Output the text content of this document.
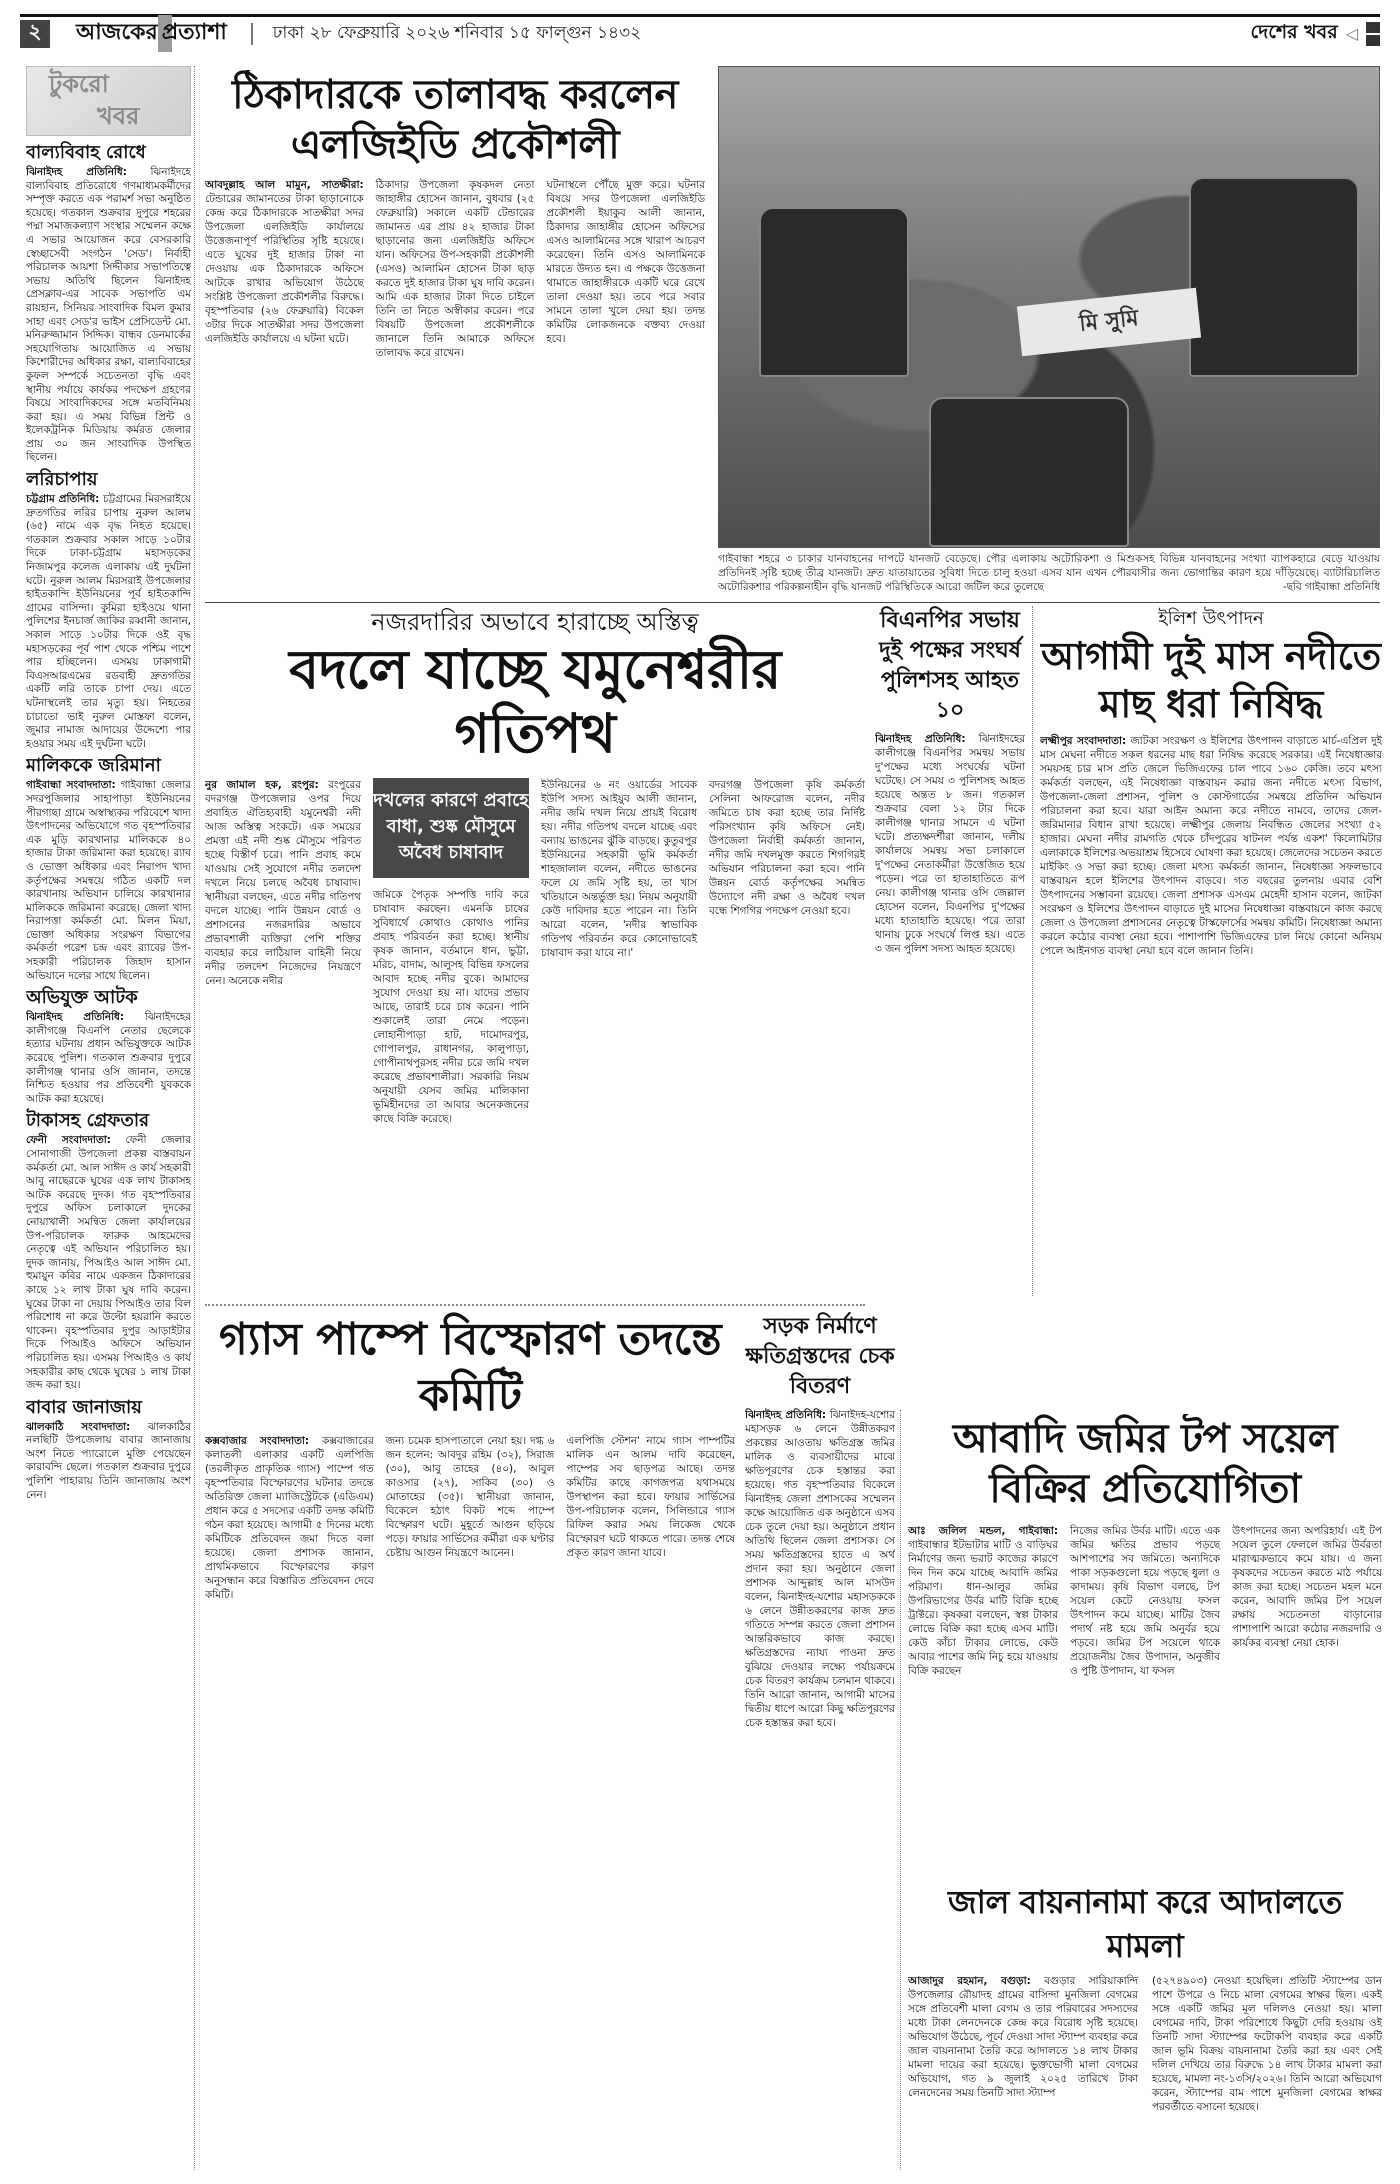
২	আজকের প্রত্যাশা	ঢাকা ২৮ ফেব্রুয়ারি ২০২৬ শনিবার ১৫ ফাল্গুন ১৪৩২	দেশের খবর ◁
টুকরো
খবর
বাল্যবিবাহ রোধে

ঝিনাইদহ প্রতিনিধি: ঝিনাইদহে বাল্যবিবাহ প্রতিরোধে গণমাধ্যমকর্মীদের সম্পৃক্ত করতে এক পরামর্শ সভা অনুষ্ঠিত হয়েছে। গতকাল শুক্রবার দুপুরে শহরের পদ্মা সমাজকল্যাণ সংস্থার সম্মেলন কক্ষে এ সভার আয়োজন করে বেসরকারি স্বেচ্ছাসেবী সংগঠন 'সেড'। নির্বাহী পরিচালক আয়শা সিদ্দীকার সভাপতিত্বে সভায় অতিথি ছিলেন ঝিনাইদহ প্রেসক্লাব-এর সাবেক সভাপতি এম রায়হান, সিনিয়র সাংবাদিক বিমল কুমার সাহা এবং সেড'র ভাইস প্রেসিডেন্ট মো. মনিরুজ্জামান সিদ্দিক। বান্ধব ডেনমার্কের সহযোগিতায় আয়োজিত এ সভায় কিশোরীদের অধিকার রক্ষা, বাল্যবিবাহের কুফল সম্পর্কে সচেতনতা বৃদ্ধি এবং স্থানীয় পর্যায়ে কার্যকর পদক্ষেপ গ্রহণের বিষয়ে সাংবাদিকদের সঙ্গে মতবিনিময় করা হয়। এ সময় বিভিন্ন প্রিন্ট ও ইলেকট্রনিক মিডিয়ায় কর্মরত জেলার প্রায় ৩০ জন সাংবাদিক উপস্থিত ছিলেন।

লরিচাপায়

চট্টগ্রাম প্রতিনিধি: চট্টগ্রামের মিরসরাইয়ে দ্রুতগতির লরির চাপায় নুরুল আলম (৬৫) নামে এক বৃদ্ধ নিহত হয়েছে। গতকাল শুক্রবার সকাল সাড়ে ১০টার দিকে ঢাকা-চট্টগ্রাম মহাসড়কের নিজামপুর কলেজ এলাকায় এই দুর্ঘটনা ঘটে। নুরুল আলম মিরসরাই উপজেলার হাইতকান্দি ইউনিয়নের পূর্ব হাইতকান্দি গ্রামের বাসিন্দা। কুমিরা হাইওয়ে থানা পুলিশের ইনচার্জ জাকির রব্বানী জানান, সকাল সাড়ে ১০টার দিকে ওই বৃদ্ধ মহাসড়কের পূর্ব পাশ থেকে পশ্চিম পাশে পার হচ্ছিলেন। এসময় ঢাকাগামী বিএসআরএমের রডবাহী দ্রুতগতির একটি লরি তাকে চাপা দেয়। এতে ঘটনাস্থলেই তার মৃত্যু হয়। নিহতের চাচাতো ভাই নুরুল মোস্তফা বলেন, জুমার নামাজ আদায়ের উদ্দেশ্যে পার হওয়ার সময় এই দুর্ঘটনা ঘটে।

মালিককে জরিমানা

গাইবান্ধা সংবাদদাতা: গাইবান্ধা জেলার সদরপুজিলার সাহাপাড়া ইউনিয়নের পীরগাছা গ্রামে অস্বাস্থ্যকর পরিবেশে খাদ্য উৎপাদনের অভিযোগে গত বৃহস্পতিবার এক মুড়ি কারখানার মালিককে ৪০ হাজার টাকা জরিমানা করা হয়েছে। র‌্যাব ও ভোক্তা অধিকার এবং নিরাপদ খাদ্য কর্তৃপক্ষের সমন্বয়ে গঠিত একটি দল কারখানায় অভিযান চালিয়ে কারখানার মালিককে জরিমানা করেছে। জেলা খাদ্য নিরাপত্তা কর্মকর্তা মো. মিলন মিয়া, ভোক্তা অধিকার সংরক্ষণ বিভাগের কর্মকর্তা পরেশ চন্দ্র এবং র‌্যাবের উপ-সহকারী পরিচালক জিহাদ হাসান অভিযানে দলের সাথে ছিলেন।

অভিযুক্ত আটক

ঝিনাইদহ প্রতিনিধি: ঝিনাইদহের কালীগঞ্জে বিএনপি নেতার ছেলেকে হত্যার ঘটনায় প্রধান অভিযুক্তকে আটক করেছে পুলিশ। গতকাল শুক্রবার দুপুরে কালীগঞ্জ থানার ওসি জানান, তদন্তে নিশ্চিত হওয়ার পর প্রতিবেশী যুবককে আটক করা হয়েছে।

টাকাসহ গ্রেফতার

ফেনী সংবাদদাতা: ফেনী জেলার সোনাগাজী উপজেলা প্রকল্প বাস্তবায়ন কর্মকর্তা মো. আল সাঈদ ও কার্য সহকারী আবু নাছেরকে ঘুষের এক লাখ টাকাসহ আটক করেছে দুদক। গত বৃহস্পতিবার দুপুরে অফিস চলাকালে দুদকের নোয়াখালী সমন্বিত জেলা কার্যালয়ের উপ-পরিচালক ফারুক আহমেদের নেতৃত্বে এই অভিযান পরিচালিত হয়। দুদক জানায়, পিআইও আল সাঈদ মো. হুমায়ুন কবির নামে একজন ঠিকাদারের কাছে ১২ লাখ টাকা ঘুষ দাবি করেন। ঘুষের টাকা না দেয়ায় পিআইও তার বিল পরিশোধ না করে উল্টো হয়রানি করতে থাকেন। বৃহস্পতিবার দুপুর আড়াইটার দিকে পিআইও অফিসে অভিযান পরিচালিত হয়। এসময় পিআইও ও কার্য সহকারীর কাছ থেকে ঘুষের ১ লাখ টাকা জব্দ করা হয়।

বাবার জানাজায়

ঝালকাঠি সংবাদদাতা: ঝালকাঠির নলছিটি উপজেলায় বাবার জানাজায় অংশ নিতে প্যারোলে মুক্তি পেয়েছেন কারাবন্দি ছেলে। গতকাল শুক্রবার দুপুরে পুলিশি পাহারায় তিনি জানাজায় অংশ নেন।

ঠিকাদারকে তালাবদ্ধ করলেন এলজিইডি প্রকৌশলী
আবদুল্লাহ আল মামুন, সাতক্ষীরা: টেন্ডারের জামানতের টাকা ছাড়ানোকে কেন্দ্র করে ঠিকাদারকে সাতক্ষীরা সদর উপজেলা এলজিইডি কার্যালয়ে উত্তেজনাপূর্ণ পরিস্থিতির সৃষ্টি হয়েছে। এতে ঘুষের দুই হাজার টাকা না দেওয়ায় এক ঠিকাদারকে অফিসে আটকে রাখার অভিযোগ উঠেছে সংশ্লিষ্ট উপজেলা প্রকৌশলীর বিরুদ্ধে। বৃহস্পতিবার (২৬ ফেব্রুয়ারি) বিকেল ৩টার দিকে সাতক্ষীরা সদর উপজেলা এলজিইডি কার্যালয়ে এ ঘটনা ঘটে।
ঠিকাদার উপজেলা কৃষকদল নেতা জাহাঙ্গীর হোসেন জানান, বুধবার (২৫ ফেব্রুয়ারি) সকালে একটি টেন্ডারের জামানত এর প্রায় ৪২ হাজার টাকা ছাড়ানোর জন্য এলজিইডি অফিসে যান। অফিসের উপ-সহকারী প্রকৌশলী (এসও) আলামিন হোসেন টাকা ছাড় করতে দুই হাজার টাকা ঘুষ দাবি করেন। আমি এক হাজার টাকা দিতে চাইলে তিনি তা নিতে অস্বীকার করেন। পরে বিষয়টি উপজেলা প্রকৌশলীকে জানালে তিনি আমাকে অফিসে তালাবদ্ধ করে রাখেন।
ঘটনাস্থলে পৌঁছে মুক্ত করে। ঘটনার বিষয়ে সদর উপজেলা এলজিইডি প্রকৌশলী ইয়াকুব আলী জানান, ঠিকাদার জাহাঙ্গীর হোসেন অফিসের এসও আলামিনের সঙ্গে খারাপ আচরণ করেছেন। তিনি এসও আলামিনকে মারতে উদ্যত হন। এ পক্ষকে উত্তেজনা থামাতে জাহাঙ্গীরকে একটি ঘরে রেখে তালা দেওয়া হয়। তবে পরে সবার সামনে তালা খুলে দেয়া হয়। তদন্ত কমিটির লোকজনকে বক্তব্য দেওয়া হবে।
মি সুমি
গাইবান্ধা শহরে ৩ চাকার যানবাহনের দাপটে যানজট বেড়েছে। পৌর এলাকায় অটোরিকশা ও মিশুকসহ বিভিন্ন যানবাহনের সংখ্যা ব্যাপকহারে বেড়ে যাওয়ায় প্রতিদিনই সৃষ্টি হচ্ছে তীব্র যানজট। দ্রুত যাতায়াতের সুবিধা দিতে চালু হওয়া এসব যান এখন পৌরবাসীর জন্য ভোগান্তির কারণ হয়ে দাঁড়িয়েছে। ব্যাটারিচালিত অটোরিকশার পরিকল্পনাহীন বৃদ্ধি যানজট পরিস্থিতিকে আরো জটিল করে তুলেছে	-ছবি গাইবান্ধা প্রতিনিধি
নজরদারির অভাবে হারাচ্ছে অস্তিত্ব
বদলে যাচ্ছে যমুনেশ্বরীর গতিপথ
নুর জামাল হক, রংপুর: রংপুরের বদরগঞ্জ উপজেলার ওপর দিয়ে প্রবাহিত ঐতিহ্যবাহী যমুনেশ্বরী নদী আজ অস্তিত্ব সংকটে। এক সময়ের প্রমত্তা এই নদী শুষ্ক মৌসুমে পরিণত হচ্ছে বিস্তীর্ণ চরে। পানি প্রবাহ কমে যাওয়ায় সেই সুযোগে নদীর তলদেশ দখলে নিয়ে চলছে অবৈধ চাষাবাদ। স্থানীয়রা বলছেন, এতে নদীর গতিপথ বদলে যাচ্ছে। পানি উন্নয়ন বোর্ড ও প্রশাসনের নজরদারির অভাবে প্রভাবশালী ব্যক্তিরা পেশি শক্তির ব্যবহার করে লাঠিয়াল বাহিনী নিয়ে নদীর তলদেশ নিজেদের নিয়ন্ত্রণে নেন। অনেকে নদীর
দখলের কারণে প্রবাহে বাধা, শুষ্ক মৌসুমে অবৈধ চাষাবাদ
জমিকে পৈতৃক সম্পত্তি দাবি করে চাষাবাদ করছেন। এমনকি চাষের সুবিধার্থে কোথাও কোথাও পানির প্রবাহ পরিবর্তন করা হচ্ছে। স্থানীয় কৃষক জানান, বর্তমানে ধান, ভুট্টা, মরিচ, বাদাম, আলুসহ বিভিন্ন ফসলের আবাদ হচ্ছে নদীর বুকে। আমাদের সুযোগ দেওয়া হয় না। যাদের প্রভাব আছে, তারাই চরে চাষ করেন। পানি শুকালেই তারা নেমে পড়েন। লোহানীপাড়া হাট, দামোদরপুর, গোপালপুর, রাধানগর, কালুপাড়া, গোপীনাথপুরসহ নদীর চরে জমি দখল করেছে প্রভাবশালীরা। সরকারি নিয়ম অনুযায়ী যেসব জমির মালিকানা ভূমিহীনদের তা আবার অনেকজনের কাছে বিক্রি করেছে।
ইউনিয়নের ৬ নং ওয়ার্ডের সাবেক ইউপি সদস্য আইয়ুব আলী জানান, নদীর জমি দখল নিয়ে প্রায়ই বিরোধ হয়। নদীর গতিপথ বদলে যাচ্ছে এবং বন্যায় ভাঙনের ঝুঁকি বাড়ছে। কুতুবপুর ইউনিয়নের সহকারী ভূমি কর্মকর্তা শাহজালাল বলেন, নদীতে ভাঙনের ফলে যে জমি সৃষ্টি হয়, তা খাস খতিয়ানে অন্তর্ভুক্ত হয়। নিয়ম অনুযায়ী কেউ দাবিদার হতে পারেন না। তিনি আরো বলেন, 'নদীর স্বাভাবিক গতিপথ পরিবর্তন করে কোনোভাবেই চাষাবাদ করা যাবে না।'
বদরগঞ্জ উপজেলা কৃষি কর্মকর্তা সেলিনা আফরোজ বলেন, নদীর জমিতে চাষ করা হচ্ছে তার নির্দিষ্ট পরিসংখ্যান কৃষি অফিসে নেই। উপজেলা নির্বাহী কর্মকর্তা জানান, নদীর জমি দখলমুক্ত করতে শিগগিরই অভিযান পরিচালনা করা হবে। পানি উন্নয়ন বোর্ড কর্তৃপক্ষের সমন্বিত উদ্যোগে নদী রক্ষা ও অবৈধ দখল বন্ধে শিগগির পদক্ষেপ নেওয়া হবে।
বিএনপির সভায় দুই পক্ষের সংঘর্ষ পুলিশসহ আহত ১০

ঝিনাইদহ প্রতিনিধি: ঝিনাইদহের কালীগঞ্জে বিএনপির সমন্বয় সভায় দু'পক্ষের মধ্যে সংঘর্ষের ঘটনা ঘটেছে। সে সময় ৩ পুলিশসহ আহত হয়েছে অন্তত ৮ জন। গতকাল শুক্রবার বেলা ১২ টার দিকে কালীগঞ্জ থানার সামনে এ ঘটনা ঘটে। প্রত্যক্ষদর্শীরা জানান, দলীয় কার্যালয়ে সমন্বয় সভা চলাকালে দু'পক্ষের নেতাকর্মীরা উত্তেজিত হয়ে পড়েন। পরে তা হাতাহাতিতে রূপ নেয়। কালীগঞ্জ থানার ওসি জেল্লাল হোসেন বলেন, বিএনপির দু'পক্ষের মধ্যে হাতাহাতি হয়েছে। পরে তারা থানায় ঢুকে সংঘর্ষে লিপ্ত হয়। এতে ৩ জন পুলিশ সদস্য আহত হয়েছে।

ইলিশ উৎপাদন
আগামী দুই মাস নদীতে মাছ ধরা নিষিদ্ধ

লক্ষ্মীপুর সংবাদদাতা: জাটকা সংরক্ষণ ও ইলিশের উৎপাদন বাড়াতে মার্চ-এপ্রিল দুই মাস মেঘনা নদীতে সকল ধরনের মাছ ধরা নিষিদ্ধ করেছে সরকার। এই নিষেধাজ্ঞার সময়সহ চার মাস প্রতি জেলে ভিজিএফের চাল পাবে ১৬০ কেজি। তবে মৎস্য কর্মকর্তা বলছেন, এই নিষেধাজ্ঞা বাস্তবায়ন করার জন্য নদীতে মৎস্য বিভাগ, উপজেলা-জেলা প্রশাসন, পুলিশ ও কোস্টগার্ডের সমন্বয়ে প্রতিদিন অভিযান পরিচালনা করা হবে। যারা আইন অমান্য করে নদীতে নামবে, তাদের জেল-জরিমানার বিধান রাখা হয়েছে। লক্ষ্মীপুর জেলায় নিবন্ধিত জেলের সংখ্যা ৫২ হাজার। মেঘনা নদীর রামগতি থেকে চাঁদপুরের ষাটনল পর্যন্ত একশ' কিলোমিটার এলাকাকে ইলিশের অভয়াশ্রম হিসেবে ঘোষণা করা হয়েছে। জেলেদের সচেতন করতে মাইকিং ও সভা করা হচ্ছে। জেলা মৎস্য কর্মকর্তা জানান, নিষেধাজ্ঞা সফলভাবে বাস্তবায়ন হলে ইলিশের উৎপাদন বাড়বে। গত বছরের তুলনায় এবার বেশি উৎপাদনের সম্ভাবনা রয়েছে। জেলা প্রশাসক এসএম মেহেদী হাসান বলেন, জাটকা সংরক্ষণ ও ইলিশের উৎপাদন বাড়াতে দুই মাসের নিষেধাজ্ঞা বাস্তবায়নে কাজ করছে জেলা ও উপজেলা প্রশাসনের নেতৃত্বে টাস্কফোর্সের সমন্বয় কমিটি। নিষেধাজ্ঞা অমান্য করলে কঠোর ব্যবস্থা নেয়া হবে। পাশাপাশি ভিজিএফের চাল নিয়ে কোনো অনিয়ম পেলে আইনগত ব্যবস্থা নেয়া হবে বলে জানান তিনি।

গ্যাস পাম্পে বিস্ফোরণ তদন্তে কমিটি
কক্সবাজার সংবাদদাতা: কক্সবাজারের কলাতলী এলাকার একটি এলপিজি (তরলীকৃত প্রাকৃতিক গ্যাস) পাম্পে গত বৃহস্পতিবার বিস্ফোরণের ঘটনার তদন্তে অতিরিক্ত জেলা ম্যাজিস্ট্রেটকে (এডিএম) প্রধান করে ৫ সদস্যের একটি তদন্ত কমিটি গঠন করা হয়েছে। আগামী ৫ দিনের মধ্যে কমিটিকে প্রতিবেদন জমা দিতে বলা হয়েছে। জেলা প্রশাসক জানান, প্রাথমিকভাবে বিস্ফোরণের কারণ অনুসন্ধান করে বিস্তারিত প্রতিবেদন দেবে কমিটি।
জন্য চমেক হাসপাতালে নেয়া হয়। দগ্ধ ৬ জন হলেন: আবদুর রহিম (৩২), সিরাজ (৩০), আবু তাহের (৪০), আবুল কাওসার (২৭), সাকিব (৩০) ও মোতাহের (৩৫)। স্থানীয়রা জানান, বিকেলে হঠাৎ বিকট শব্দে পাম্পে বিস্ফোরণ ঘটে। মুহূর্তে আগুন ছড়িয়ে পড়ে। ফায়ার সার্ভিসের কর্মীরা এক ঘণ্টার চেষ্টায় আগুন নিয়ন্ত্রণে আনেন।
এলপিজি স্টেশন' নামে গ্যাস পাম্পটির মালিক এন আলম দাবি করেছেন, পাম্পের সব ছাড়পত্র আছে। তদন্ত কমিটির কাছে কাগজপত্র যথাসময়ে উপস্থাপন করা হবে। ফায়ার সার্ভিসের উপ-পরিচালক বলেন, সিলিন্ডারে গ্যাস রিফিল করার সময় লিকেজ থেকে বিস্ফোরণ ঘটে থাকতে পারে। তদন্ত শেষে প্রকৃত কারণ জানা যাবে।
সড়ক নির্মাণে ক্ষতিগ্রস্তদের চেক বিতরণ

ঝিনাইদহ প্রতিনিধি: ঝিনাইদহ-যশোর মহাসড়ক ৬ লেনে উন্নীতকরণ প্রকল্পের আওতায় ক্ষতিগ্রস্ত জমির মালিক ও ব্যবসায়ীদের মাঝে ক্ষতিপূরণের চেক হস্তান্তর করা হয়েছে। গত বৃহস্পতিবার বিকেলে ঝিনাইদহ জেলা প্রশাসকের সম্মেলন কক্ষে আয়োজিত এক অনুষ্ঠানে এসব চেক তুলে দেয়া হয়। অনুষ্ঠানে প্রধান অতিথি ছিলেন জেলা প্রশাসক। সে সময় ক্ষতিগ্রস্তদের হাতে এ অর্থ প্রদান করা হয়। অনুষ্ঠানে জেলা প্রশাসক আব্দুল্লাহ আল মাসউদ বলেন, ঝিনাইদহ-যশোর মহাসড়ককে ৬ লেনে উন্নীতকরণের কাজ দ্রুত গতিতে সম্পন্ন করতে জেলা প্রশাসন আন্তরিকভাবে কাজ করছে। ক্ষতিগ্রস্তদের ন্যায্য পাওনা দ্রুত বুঝিয়ে দেওয়ার লক্ষ্যে পর্যায়ক্রমে চেক বিতরণ কার্যক্রম চলমান থাকবে। তিনি আরো জানান, আগামী মাসের দ্বিতীয় ধাপে আরো কিছু ক্ষতিপূরণের চেক হস্তান্তর করা হবে।

আবাদি জমির টপ সয়েল বিক্রির প্রতিযোগিতা
আঃ জলিল মন্ডল, গাইবান্ধা: গাইবান্ধার ইটভাটার মাটি ও বাড়িঘর নির্মাণের জন্য ভরাট কাজের কারণে দিন দিন কমে যাচ্ছে আবাদি জমির পরিমাণ। ধান-আলুর জমির উপরিভাগের উর্বর মাটি বিক্রি হচ্ছে ট্রাক্টরে। কৃষকরা বলছেন, স্বল্প টাকার লোভে বিক্রি করা হচ্ছে এসব মাটি। কেউ কাঁচা টাকার লোভে, কেউ আবার পাশের জমি নিচু হয়ে যাওয়ায় বিক্রি করছেন
নিজের জমির উর্বর মাটি। এতে এক জমির ক্ষতির প্রভাব পড়ছে আশপাশের সব জমিতে। অন্যদিকে পাকা সড়কগুলো হয়ে পড়ছে ধুলা ও কাদাময়। কৃষি বিভাগ বলছে, টপ সয়েল কেটে নেওয়ায় ফসল উৎপাদন কমে যাচ্ছে। মাটির জৈব পদার্থ নষ্ট হয়ে জমি অনুর্বর হয়ে পড়বে। জমির টপ সয়েলে থাকে প্রয়োজনীয় জৈব উপাদান, অনুজীব ও পুষ্টি উপাদান, যা ফসল
উৎপাদনের জন্য অপরিহার্য। এই টপ সয়েল তুলে ফেললে জমির উর্বরতা মারাত্মকভাবে কমে যায়। এ জন্য কৃষকদের সচেতন করতে মাঠ পর্যায়ে কাজ করা হচ্ছে। সচেতন মহল মনে করেন, আবাদি জমির টপ সয়েল রক্ষায় সচেতনতা বাড়ানোর পাশাপাশি আরো কঠোর নজরদারি ও কার্যকর ব্যবস্থা নেয়া হোক।
জাল বায়নানামা করে আদালতে মামলা
আজাদুর রহমান, বগুড়া: বগুড়ার সারিয়াকান্দি উপজেলার রৌয়াদহ গ্রামের বাসিন্দা মুনজিলা বেগমের সঙ্গে প্রতিবেশী মালা বেগম ও তার পরিবারের সদস্যদের মধ্যে টাকা লেনদেনকে কেন্দ্র করে বিরোধ সৃষ্টি হয়েছে। অভিযোগ উঠেছে, পূর্বে দেওয়া সাদা স্ট্যাম্প ব্যবহার করে জাল বায়নানামা তৈরি করে আদালতে ১৪ লাখ টাকার মামলা দায়ের করা হয়েছে। ভুক্তভোগী মালা বেগমের অভিযোগ, গত ৯ জুলাই ২০২৫ তারিখে টাকা লেনদেনের সময় তিনটি সাদা স্ট্যাম্প
(৫২৭৪৯০৩) নেওয়া হয়েছিল। প্রতিটি স্ট্যাম্পের ডান পাশে উপরে ও নিচে মালা বেগমের স্বাক্ষর ছিল। একই সঙ্গে একটি জমির মূল দলিলও নেওয়া হয়। মালা বেগমের দাবি, টাকা পরিশোধে কিছুটা দেরি হওয়ায় ওই তিনটি সাদা স্ট্যাম্পের ফটোকপি ব্যবহার করে একটি জাল ভূমি বিক্রয় বায়নানামা তৈরি করা হয় এবং সেই দলিল দেখিয়ে তার বিরুদ্ধে ১৪ লাখ টাকার মামলা করা হয়েছে, মামলা নং-১৩সি/২০২৬। তিনি আরো অভিযোগ করেন, স্ট্যাম্পের বাম পাশে মুনজিলা বেগমের স্বাক্ষর পরবর্তীতে বসানো হয়েছে।
